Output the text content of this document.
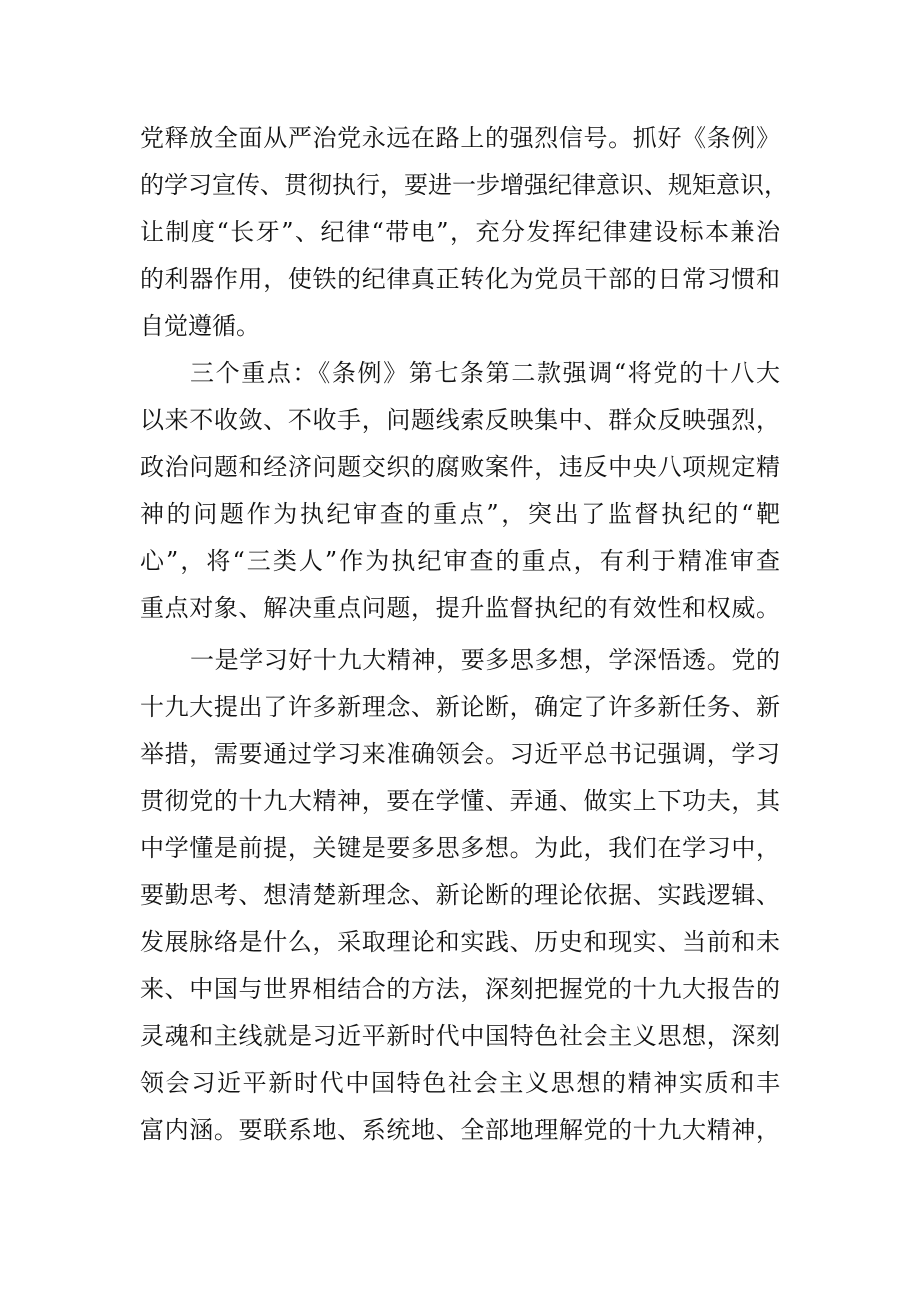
党释放全面从严治党永远在路上的强烈信号。抓好《条例》
的学习宣传、贯彻执行，要进一步增强纪律意识、规矩意识，
让制度“长牙”、纪律“带电”，充分发挥纪律建设标本兼治
的利器作用，使铁的纪律真正转化为党员干部的日常习惯和
自觉遵循。
三个重点：《条例》第七条第二款强调“将党的十八大
以来不收敛、不收手，问题线索反映集中、群众反映强烈，
政治问题和经济问题交织的腐败案件，违反中央八项规定精
神的问题作为执纪审查的重点”，突出了监督执纪的“靶
心”，将“三类人”作为执纪审查的重点，有利于精准审查
重点对象、解决重点问题，提升监督执纪的有效性和权威。
一是学习好十九大精神，要多思多想，学深悟透。党的
十九大提出了许多新理念、新论断，确定了许多新任务、新
举措，需要通过学习来准确领会。习近平总书记强调，学习
贯彻党的十九大精神，要在学懂、弄通、做实上下功夫，其
中学懂是前提，关键是要多思多想。为此，我们在学习中，
要勤思考、想清楚新理念、新论断的理论依据、实践逻辑、
发展脉络是什么，采取理论和实践、历史和现实、当前和未
来、中国与世界相结合的方法，深刻把握党的十九大报告的
灵魂和主线就是习近平新时代中国特色社会主义思想，深刻
领会习近平新时代中国特色社会主义思想的精神实质和丰
富内涵。要联系地、系统地、全部地理解党的十九大精神，
